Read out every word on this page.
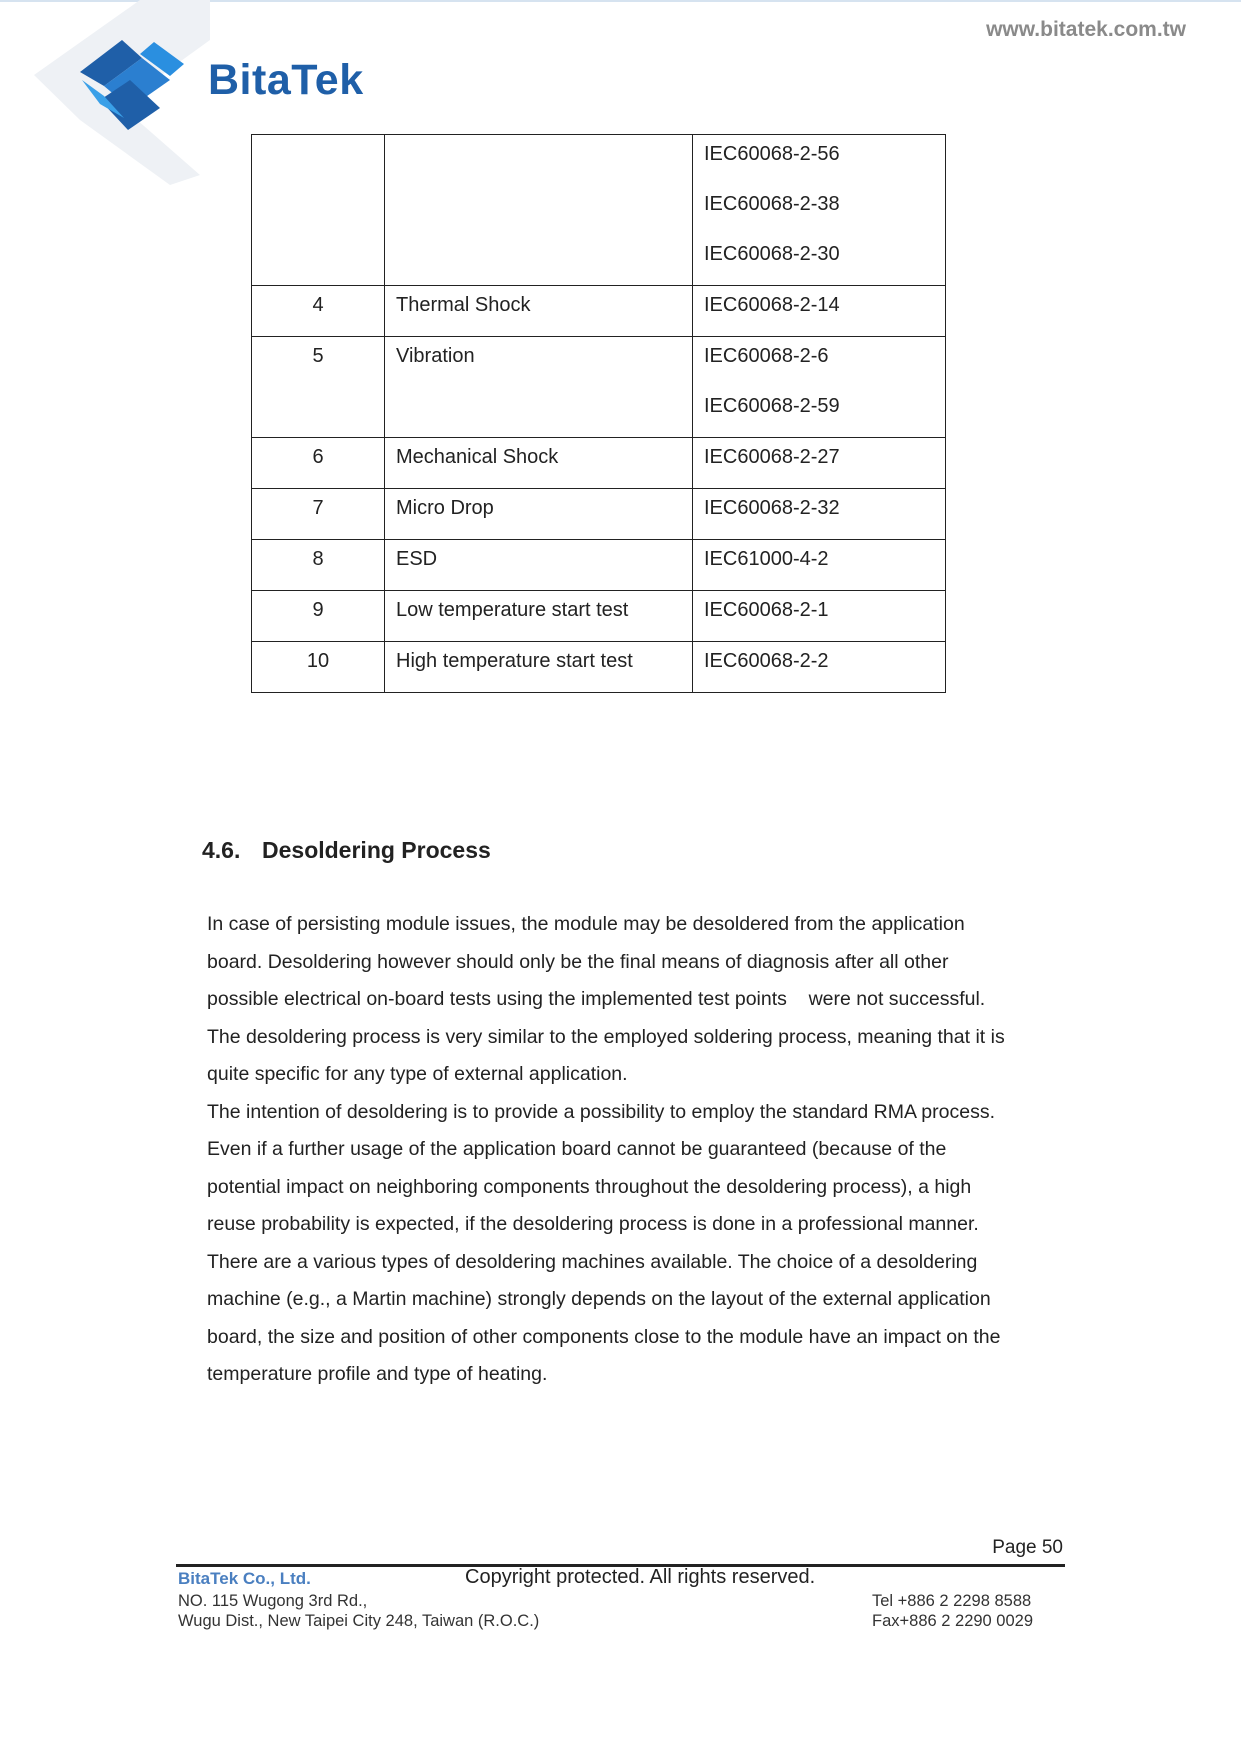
BitaTek
www.bitatek.com.tw

		IEC60068-2-56
IEC60068-2-38
IEC60068-2-30

4	Thermal Shock	IEC60068-2-14

5	Vibration	IEC60068-2-6
IEC60068-2-59

6	Mechanical Shock	IEC60068-2-27

7	Micro Drop	IEC60068-2-32

8	ESD	IEC61000-4-2

9	Low temperature start test	IEC60068-2-1

10	High temperature start test	IEC60068-2-2
4.6. Desoldering Process

In case of persisting module issues, the module may be desoldered from the application

board. Desoldering however should only be the final means of diagnosis after all other

possible electrical on-board tests using the implemented test points    were not successful.

The desoldering process is very similar to the employed soldering process, meaning that it is

quite specific for any type of external application.

The intention of desoldering is to provide a possibility to employ the standard RMA process.

Even if a further usage of the application board cannot be guaranteed (because of the

potential impact on neighboring components throughout the desoldering process), a high

reuse probability is expected, if the desoldering process is done in a professional manner.

There are a various types of desoldering machines available. The choice of a desoldering

machine (e.g., a Martin machine) strongly depends on the layout of the external application

board, the size and position of other components close to the module have an impact on the

temperature profile and type of heating.

Page 50
BitaTek Co., Ltd.	Copyright protected. All rights reserved.
NO. 115 Wugong 3rd Rd.,
Wugu Dist., New Taipei City 248, Taiwan (R.O.C.)
Tel +886 2 2298 8588
Fax+886 2 2290 0029
